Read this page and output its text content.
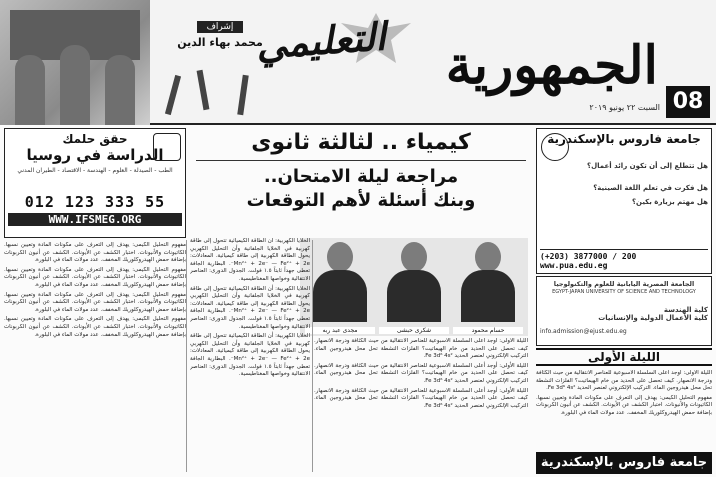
إشراف
محمد بهاء الدين	الجمهورية
التعليمي
السبت ٢٢ يونيو ٢٠١٩ 08
جامعة فاروس بالإسكندرية
هل تتطلع إلى أن تكون رائد أعمال؟
هل فكرت في تعلم اللغة الصينية؟
هل مهتم بزيارة بكين؟
(+203) 3877000 / 200 www.pua.edu.eg
الجامعة المصرية اليابانية للعلوم والتكنولوجيا
EGYPT-JAPAN UNIVERSITY OF SCIENCE AND TECHNOLOGY
كلية الهندسة
كلية الأعمال الدولية والإنسانيات
info.admission@ejust.edu.eg
حقق حلمك
الدراسة في روسيا
الطب - الصيدلة - العلوم - الهندسة - الاقتصاد - الطيران المدني
012 123 333 55
WWW.IFSMEG.ORG
كيمياء .. لثالثة ثانوى
مراجعة ليلة الامتحان..
وبنك أسئلة لأهم التوقعات
حسام محمود
شكرى حبشى
مجدى عبد ربه

الخلايا الكهربية: أن الطاقة الكيميائية تتحول إلى طاقة كهربية في الخلايا الجلفانية وأن التحليل الكهربي يحول الطاقة الكهربية إلى طاقة كيميائية. المعادلات: Mn²⁺ + 2e⁻ — Fe²⁺ + 2e⁻. البطارية الجافة تعطى جهداً ثابتاً ١.٥ فولت. الجدول الدورى: العناصر الانتقالية وخواصها المغناطيسية.

الخلايا الكهربية: أن الطاقة الكيميائية تتحول إلى طاقة كهربية في الخلايا الجلفانية وأن التحليل الكهربي يحول الطاقة الكهربية إلى طاقة كيميائية. المعادلات: Mn²⁺ + 2e⁻ — Fe²⁺ + 2e⁻. البطارية الجافة تعطى جهداً ثابتاً ١.٥ فولت. الجدول الدورى: العناصر الانتقالية وخواصها المغناطيسية.

الخلايا الكهربية: أن الطاقة الكيميائية تتحول إلى طاقة كهربية في الخلايا الجلفانية وأن التحليل الكهربي يحول الطاقة الكهربية إلى طاقة كيميائية. المعادلات: Mn²⁺ + 2e⁻ — Fe²⁺ + 2e⁻. البطارية الجافة تعطى جهداً ثابتاً ١.٥ فولت. الجدول الدورى: العناصر الانتقالية وخواصها المغناطيسية.

الليلة الأولى: أوجد أعلى السلسلة الاسبوعية للعناصر الانتقالية من حيث الكثافة ودرجة الانصهار. كيف تحصل على الحديد من خام الهيماتيت؟ الفلزات النشطة تحل محل هيدروجين الماء. التركيب الإلكتروني لعنصر الحديد Fe 3d⁶ 4s².

الليلة الأولى: أوجد أعلى السلسلة الاسبوعية للعناصر الانتقالية من حيث الكثافة ودرجة الانصهار. كيف تحصل على الحديد من خام الهيماتيت؟ الفلزات النشطة تحل محل هيدروجين الماء. التركيب الإلكتروني لعنصر الحديد Fe 3d⁶ 4s².

الليلة الأولى: أوجد أعلى السلسلة الاسبوعية للعناصر الانتقالية من حيث الكثافة ودرجة الانصهار. كيف تحصل على الحديد من خام الهيماتيت؟ الفلزات النشطة تحل محل هيدروجين الماء. التركيب الإلكتروني لعنصر الحديد Fe 3d⁶ 4s².

مفهوم التحليل الكيمى: يهدف إلى التعرف على مكونات المادة وتعيين نسبها. الكاتيونات والأنيونات. اختبار الكشف عن الأيونات. الكشف عن أنيون الكربونات بإضافة حمض الهيدروكلوريك المخفف. عدد مولات الماء في البلورة.

مفهوم التحليل الكيمى: يهدف إلى التعرف على مكونات المادة وتعيين نسبها. الكاتيونات والأنيونات. اختبار الكشف عن الأيونات. الكشف عن أنيون الكربونات بإضافة حمض الهيدروكلوريك المخفف. عدد مولات الماء في البلورة.

مفهوم التحليل الكيمى: يهدف إلى التعرف على مكونات المادة وتعيين نسبها. الكاتيونات والأنيونات. اختبار الكشف عن الأيونات. الكشف عن أنيون الكربونات بإضافة حمض الهيدروكلوريك المخفف. عدد مولات الماء في البلورة.

مفهوم التحليل الكيمى: يهدف إلى التعرف على مكونات المادة وتعيين نسبها. الكاتيونات والأنيونات. اختبار الكشف عن الأيونات. الكشف عن أنيون الكربونات بإضافة حمض الهيدروكلوريك المخفف. عدد مولات الماء في البلورة.

الليلة الأولى

الليلة الأولى: أوجد أعلى السلسلة الاسبوعية للعناصر الانتقالية من حيث الكثافة ودرجة الانصهار. كيف تحصل على الحديد من خام الهيماتيت؟ الفلزات النشطة تحل محل هيدروجين الماء. التركيب الإلكتروني لعنصر الحديد Fe 3d⁶ 4s².

مفهوم التحليل الكيمى: يهدف إلى التعرف على مكونات المادة وتعيين نسبها. الكاتيونات والأنيونات. اختبار الكشف عن الأيونات. الكشف عن أنيون الكربونات بإضافة حمض الهيدروكلوريك المخفف. عدد مولات الماء في البلورة.

جامعة فاروس بالإسكندرية
